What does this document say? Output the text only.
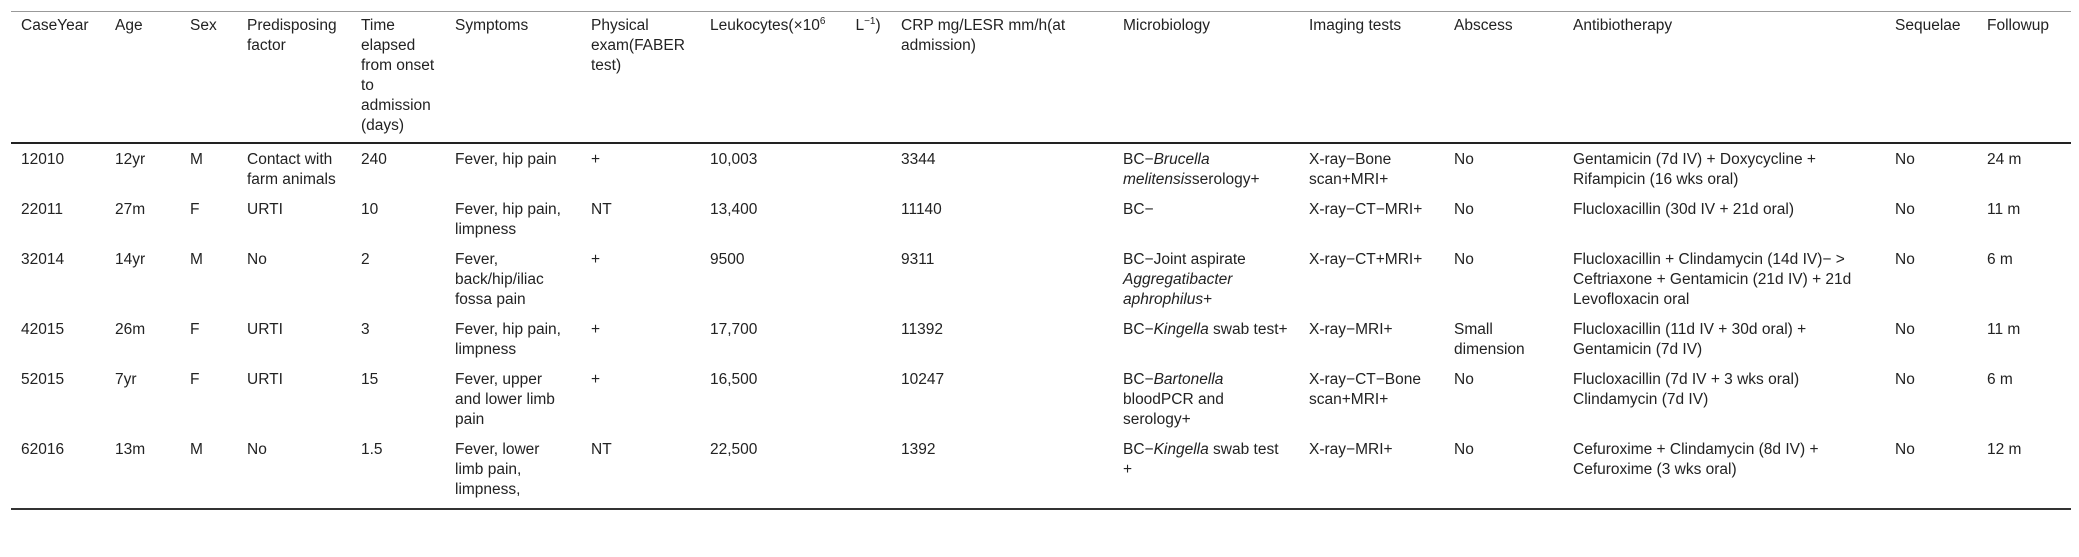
CaseYear	Age	Sex	Predisposing factor	Time elapsed from onset to admission (days)	Symptoms	Physical exam(FABER test)	$Leukocytes(\times 10^6$ $L^{-1}$)	CRP mg/LESR mm/h(at admission)	Microbiology	Imaging tests	Abscess	Antibiotherapy	Sequelae	Followup
12010	12yr	M	Contact with farm animals	240	Fever, hip pain	+	10,003	3344	BC−Brucella melitensisserology+	X-ray−Bone scan+MRI+	No	Gentamicin (7d IV) + Doxycycline + Rifampicin (16 wks oral)	No	24 m
22011	27m	F	URTI	10	Fever, hip pain, limpness	NT	13,400	11140	BC−	X-ray−CT−MRI+	No	Flucloxacillin (30d IV + 21d oral)	No	11 m
32014	14yr	M	No	2	Fever, back/hip/iliac fossa pain	+	9500	9311	BC−Joint aspirate Aggregatibacter aphrophilus+	X-ray−CT+MRI+	No	Flucloxacillin + Clindamycin (14d IV)− > Ceftriaxone + Gentamicin (21d IV) + 21d Levofloxacin oral	No	6 m
42015	26m	F	URTI	3	Fever, hip pain, limpness	+	17,700	11392	BC−Kingella swab test+	X-ray−MRI+	Small dimension	Flucloxacillin (11d IV + 30d oral) + Gentamicin (7d IV)	No	11 m
52015	7yr	F	URTI	15	Fever, upper and lower limb pain	+	16,500	10247	BC−Bartonella bloodPCR and serology+	X-ray−CT−Bone scan+MRI+	No	Flucloxacillin (7d IV + 3 wks oral) Clindamycin (7d IV)	No	6 m
62016	13m	M	No	1.5	Fever, lower limb pain, limpness,	NT	22,500	1392	BC−Kingella swab test +	X-ray−MRI+	No	Cefuroxime + Clindamycin (8d IV) + Cefuroxime (3 wks oral)	No	12 m
